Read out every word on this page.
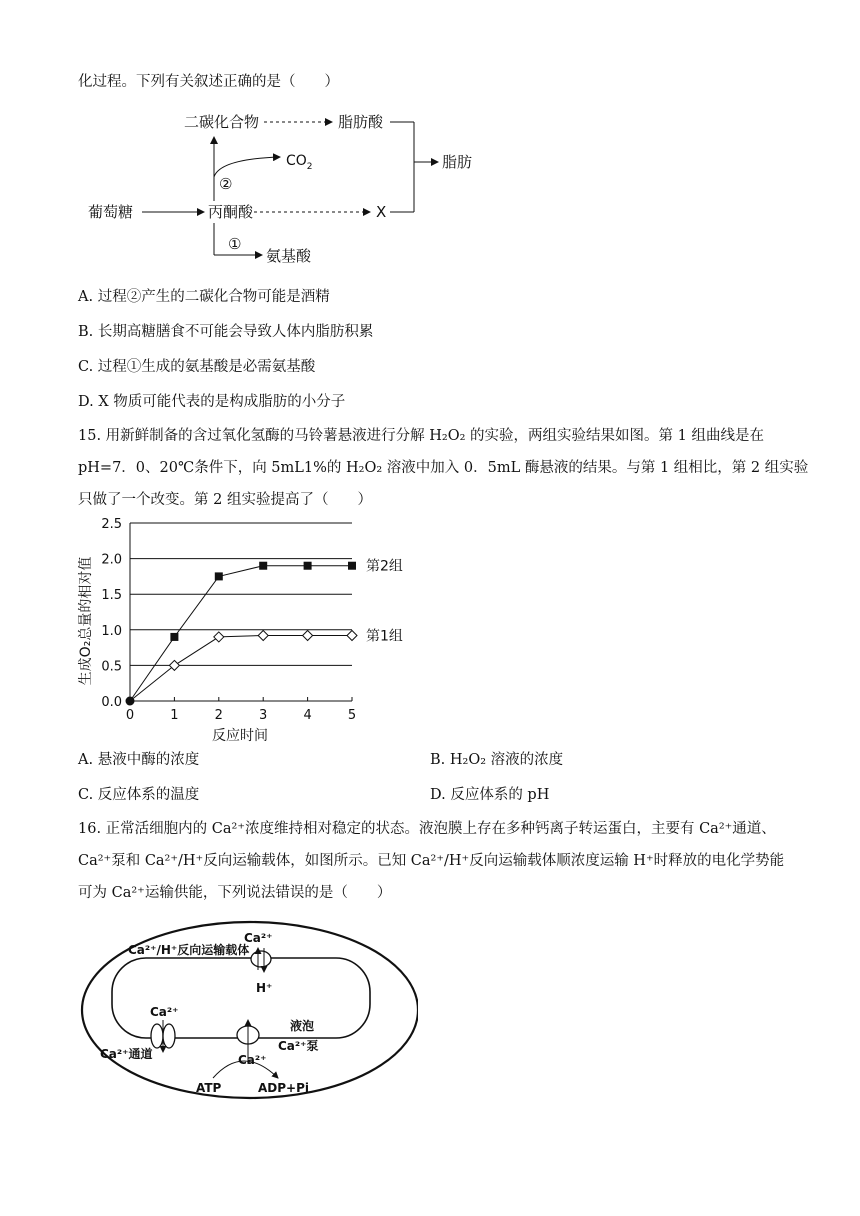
化过程。下列有关叙述正确的是（　　）
二碳化合物	脂肪酸
脂肪
葡萄糖	丙酮酸	X
氨基酸
$CO_2$
②
①
A. 过程②产生的二碳化合物可能是酒精
B. 长期高糖膳食不可能会导致人体内脂肪积累
C. 过程①生成的氨基酸是必需氨基酸
D. X 物质可能代表的是构成脂肪的小分子
15. 用新鲜制备的含过氧化氢酶的马铃薯悬液进行分解 H₂O₂ 的实验，两组实验结果如图。第 1 组曲线是在
pH=7．0、20℃条件下，向 5mL1%的 H₂O₂ 溶液中加入 0．5mL 酶悬液的结果。与第 1 组相比，第 2 组实验
只做了一个改变。第 2 组实验提高了（　　）
0.0
0.5
1.0
1.5
2.0
2.5
0	1	2	3	4	5
第2组
第1组
反应时间
生成O₂总量的相对值
A. 悬液中酶的浓度	B. H₂O₂ 溶液的浓度
C. 反应体系的温度	D. 反应体系的 pH
16. 正常活细胞内的 Ca²⁺浓度维持相对稳定的状态。液泡膜上存在多种钙离子转运蛋白，主要有 Ca²⁺通道、
Ca²⁺泵和 Ca²⁺/H⁺反向运输载体，如图所示。已知 Ca²⁺/H⁺反向运输载体顺浓度运输 H⁺时释放的电化学势能
可为 Ca²⁺运输供能，下列说法错误的是（　　）
Ca²⁺/H⁺反向运输载体
Ca²⁺
H⁺
Ca²⁺
Ca²⁺通道
液泡
Ca²⁺泵
Ca²⁺
ATP	ADP+Pi
